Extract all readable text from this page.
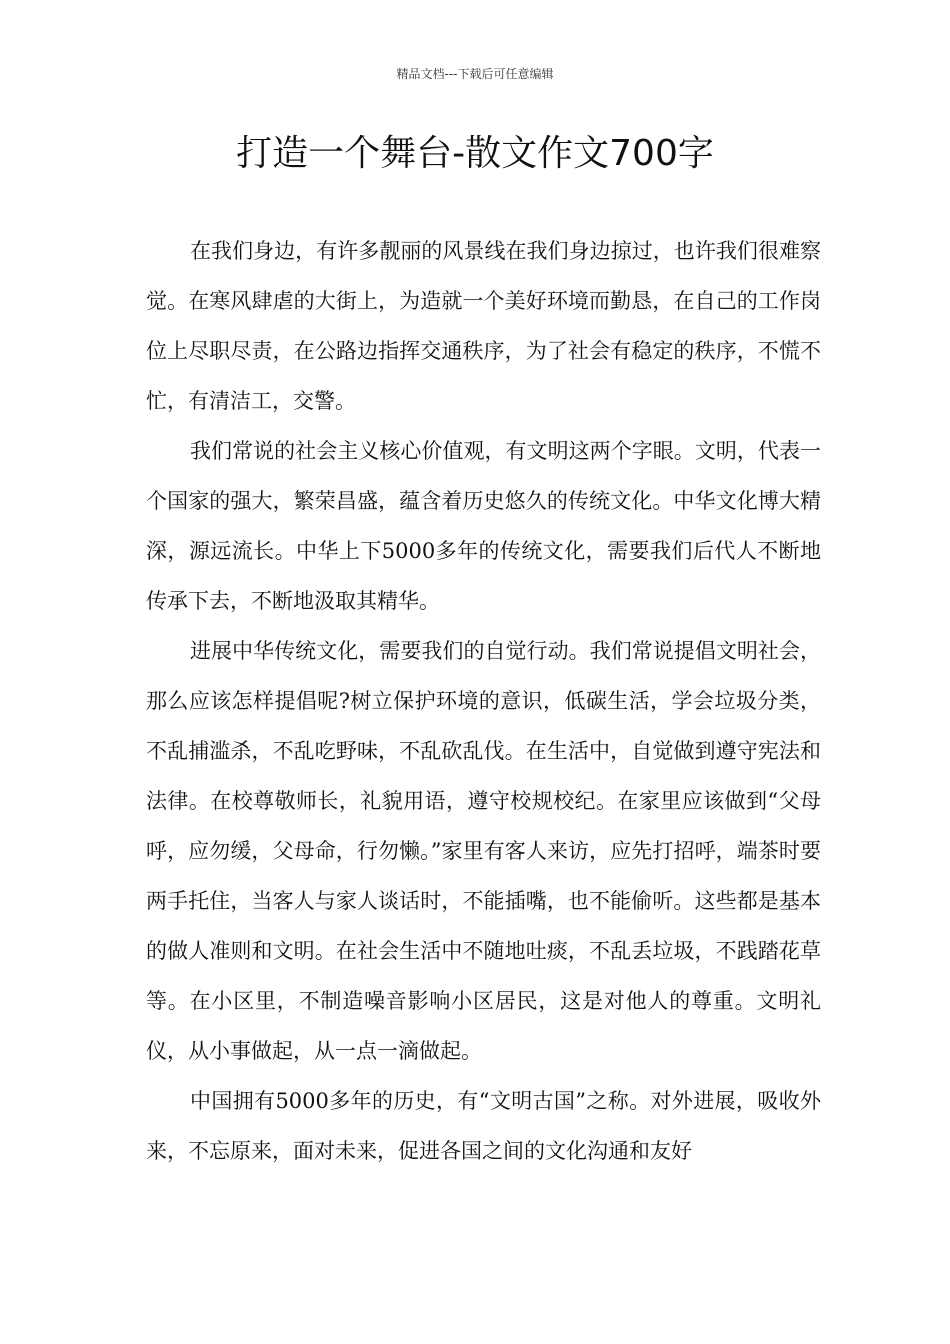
精品文档---下载后可任意编辑
打造一个舞台-散文作文700字

在我们身边，有许多靓丽的风景线在我们身边掠过，也许我们很难察觉。在寒风肆虐的大街上，为造就一个美好环境而勤恳，在自己的工作岗位上尽职尽责，在公路边指挥交通秩序，为了社会有稳定的秩序，不慌不忙，有清洁工，交警。

我们常说的社会主义核心价值观，有文明这两个字眼。文明，代表一个国家的强大，繁荣昌盛，蕴含着历史悠久的传统文化。中华文化博大精深，源远流长。中华上下5000多年的传统文化，需要我们后代人不断地传承下去，不断地汲取其精华。

进展中华传统文化，需要我们的自觉行动。我们常说提倡文明社会，那么应该怎样提倡呢?树立保护环境的意识，低碳生活，学会垃圾分类，不乱捕滥杀，不乱吃野味，不乱砍乱伐。在生活中，自觉做到遵守宪法和法律。在校尊敬师长，礼貌用语，遵守校规校纪。在家里应该做到“父母呼，应勿缓，父母命，行勿懒。”家里有客人来访，应先打招呼，端茶时要两手托住，当客人与家人谈话时，不能插嘴，也不能偷听。这些都是基本的做人准则和文明。在社会生活中不随地吐痰，不乱丢垃圾，不践踏花草等。在小区里，不制造噪音影响小区居民，这是对他人的尊重。文明礼仪，从小事做起，从一点一滴做起。

中国拥有5000多年的历史，有“文明古国”之称。对外进展，吸收外来，不忘原来，面对未来，促进各国之间的文化沟通和友好
